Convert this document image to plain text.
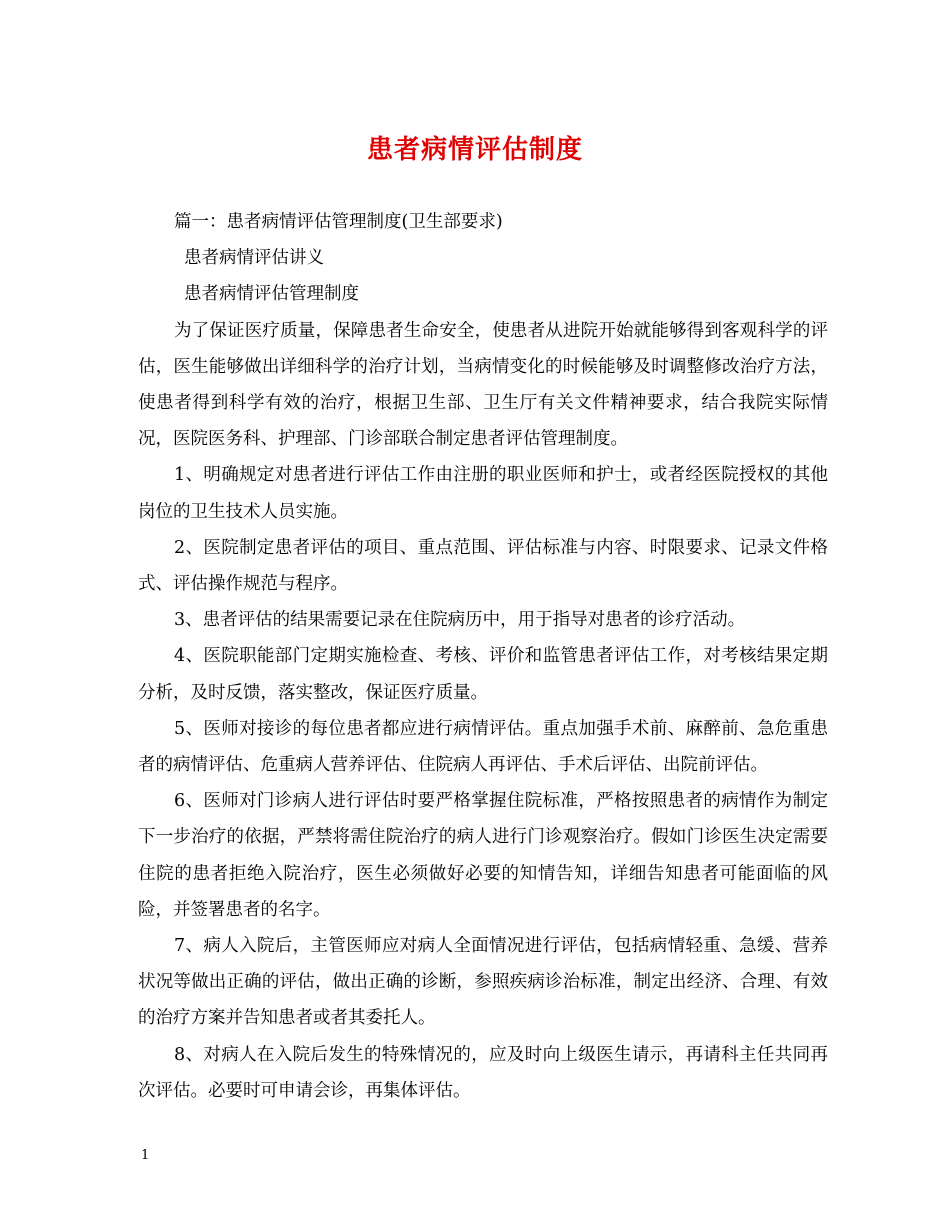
患者病情评估制度

篇一：患者病情评估管理制度(卫生部要求)

患者病情评估讲义

患者病情评估管理制度

为了保证医疗质量，保障患者生命安全，使患者从进院开始就能够得到客观科学的评估，医生能够做出详细科学的治疗计划，当病情变化的时候能够及时调整修改治疗方法，使患者得到科学有效的治疗，根据卫生部、卫生厅有关文件精神要求，结合我院实际情况，医院医务科、护理部、门诊部联合制定患者评估管理制度。

1、明确规定对患者进行评估工作由注册的职业医师和护士，或者经医院授权的其他岗位的卫生技术人员实施。

2、医院制定患者评估的项目、重点范围、评估标准与内容、时限要求、记录文件格式、评估操作规范与程序。

3、患者评估的结果需要记录在住院病历中，用于指导对患者的诊疗活动。

4、医院职能部门定期实施检查、考核、评价和监管患者评估工作，对考核结果定期分析，及时反馈，落实整改，保证医疗质量。

5、医师对接诊的每位患者都应进行病情评估。重点加强手术前、麻醉前、急危重患者的病情评估、危重病人营养评估、住院病人再评估、手术后评估、出院前评估。

6、医师对门诊病人进行评估时要严格掌握住院标准，严格按照患者的病情作为制定下一步治疗的依据，严禁将需住院治疗的病人进行门诊观察治疗。假如门诊医生决定需要住院的患者拒绝入院治疗，医生必须做好必要的知情告知，详细告知患者可能面临的风险，并签署患者的名字。

7、病人入院后，主管医师应对病人全面情况进行评估，包括病情轻重、急缓、营养状况等做出正确的评估，做出正确的诊断，参照疾病诊治标准，制定出经济、合理、有效的治疗方案并告知患者或者其委托人。

8、对病人在入院后发生的特殊情况的，应及时向上级医生请示，再请科主任共同再次评估。必要时可申请会诊，再集体评估。

1
